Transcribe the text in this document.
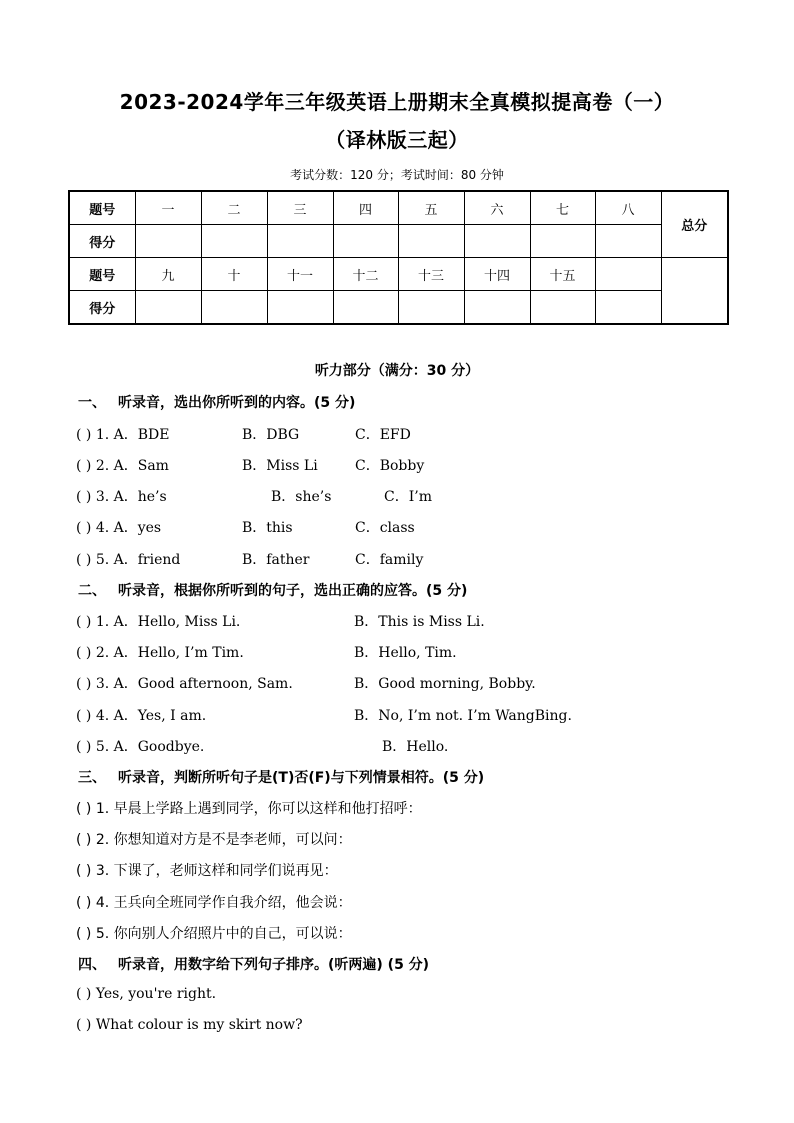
2023-2024学年三年级英语上册期末全真模拟提高卷（一）
（译林版三起）
考试分数：120 分；考试时间：80 分钟
题号	一	二	三	四	五	六	七	八	总分
得分									
题号	九	十	十一	十二	十三	十四	十五		
得分									
听力部分（满分：30 分）
一、 听录音，选出你所听到的内容。(5 分)
( ) 1. A．BDE	B．DBG	C．EFD
( ) 2. A．Sam	B．Miss Li	C．Bobby
( ) 3. A．he’s	B．she’s	C．I’m
( ) 4. A．yes	B．this	C．class
( ) 5. A．friend	B．father	C．family
二、 听录音，根据你所听到的句子，选出正确的应答。(5 分)
( ) 1. A．Hello, Miss Li.	B．This is Miss Li.
( ) 2. A．Hello, I’m Tim.	B．Hello, Tim.
( ) 3. A．Good afternoon, Sam.	B．Good morning, Bobby.
( ) 4. A．Yes, I am.	B．No, I’m not. I’m WangBing.
( ) 5. A．Goodbye.	B．Hello.
三、 听录音，判断所听句子是(T)否(F)与下列情景相符。(5 分)
( ) 1. 早晨上学路上遇到同学，你可以这样和他打招呼：
( ) 2. 你想知道对方是不是李老师，可以问：
( ) 3. 下课了，老师这样和同学们说再见：
( ) 4. 王兵向全班同学作自我介绍，他会说：
( ) 5. 你向别人介绍照片中的自己，可以说：
四、 听录音，用数字给下列句子排序。(听两遍) (5 分)
( ) Yes, you're right.
( ) What colour is my skirt now?
